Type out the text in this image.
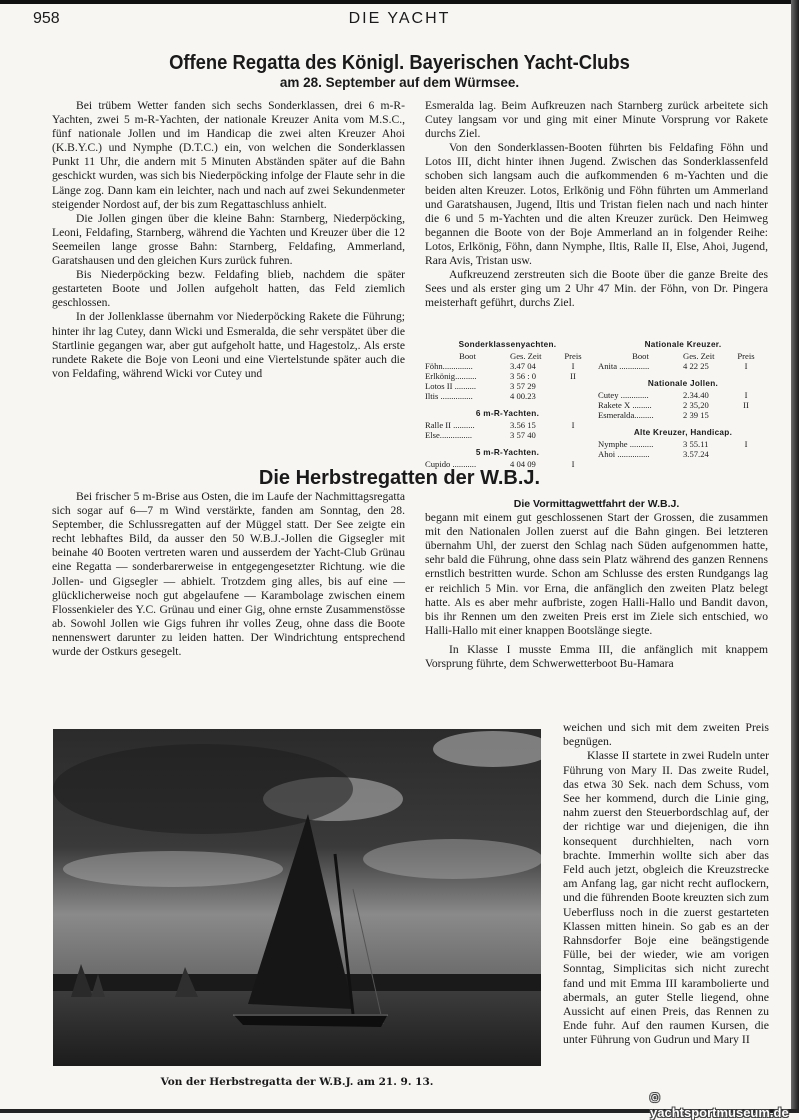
958	DIE YACHT
Offene Regatta des Königl. Bayerischen Yacht-Clubs
am 28. September auf dem Würmsee.

Bei trübem Wetter fanden sich sechs Sonderklassen, drei 6 m-R-Yachten, zwei 5 m-R-Yachten, der nationale Kreuzer Anita vom M.S.C., fünf nationale Jollen und im Handicap die zwei alten Kreuzer Ahoi (K.B.Y.C.) und Nymphe (D.T.C.) ein, von welchen die Sonderklassen Punkt 11 Uhr, die andern mit 5 Minuten Abständen später auf die Bahn geschickt wurden, was sich bis Niederpöcking infolge der Flaute sehr in die Länge zog. Dann kam ein leichter, nach und nach auf zwei Sekundenmeter steigender Nordost auf, der bis zum Regattaschluss anhielt.

Die Jollen gingen über die kleine Bahn: Starnberg, Niederpöcking, Leoni, Feldafing, Starnberg, während die Yachten und Kreuzer über die 12 Seemeilen lange grosse Bahn: Starnberg, Feldafing, Ammerland, Garatshausen und den gleichen Kurs zurück fuhren.

Bis Niederpöcking bezw. Feldafing blieb, nachdem die später gestarteten Boote und Jollen aufgeholt hatten, das Feld ziemlich geschlossen.

In der Jollenklasse übernahm vor Niederpöcking Rakete die Führung; hinter ihr lag Cutey, dann Wicki und Esmeralda, die sehr verspätet über die Startlinie gegangen war, aber gut aufgeholt hatte, und Hagestolz,. Als erste rundete Rakete die Boje von Leoni und eine Viertelstunde später auch die von Feldafing, während Wicki vor Cutey und

Esmeralda lag. Beim Aufkreuzen nach Starnberg zurück arbeitete sich Cutey langsam vor und ging mit einer Minute Vorsprung vor Rakete durchs Ziel.

Von den Sonderklassen-Booten führten bis Feldafing Föhn und Lotos III, dicht hinter ihnen Jugend. Zwischen das Sonderklassenfeld schoben sich langsam auch die aufkommenden 6 m-Yachten und die beiden alten Kreuzer. Lotos, Erlkönig und Föhn führten um Ammerland und Garatshausen, Jugend, Iltis und Tristan fielen nach und nach hinter die 6 und 5 m-Yachten und die alten Kreuzer zurück. Den Heimweg begannen die Boote von der Boje Ammerland an in folgender Reihe: Lotos, Erlkönig, Föhn, dann Nymphe, Iltis, Ralle II, Else, Ahoi, Jugend, Rara Avis, Tristan usw.

Aufkreuzend zerstreuten sich die Boote über die ganze Breite des Sees und als erster ging um 2 Uhr 47 Min. der Föhn, von Dr. Pingera meisterhaft geführt, durchs Ziel.

Sonderklassenyachten.
Boot	Ges. Zeit	Preis
Föhn..............	3.47 04	I
Erlkönig..........	3 56 : 0	II
Lotos II ..........	3 57 29
Iltis ...............	4 00.23
6 m-R-Yachten.
Ralle II ..........	3.56 15	I
Else...............	3 57 40
5 m-R-Yachten.
Cupido ...........	4 04 09	I
Nationale Kreuzer.
Boot	Ges. Zeit	Preis
Anita ..............	4 22 25	I
Nationale Jollen.
Cutey .............	2.34.40	I
Rakete X .........	2 35,20	II
Esmeralda.........	2 39 15
Alte Kreuzer, Handicap.
Nymphe ...........	3 55.11	I
Ahoi ...............	3.57.24
Die Herbstregatten der W.B.J.

Bei frischer 5 m-Brise aus Osten, die im Laufe der Nachmittagsregatta sich sogar auf 6—7 m Wind verstärkte, fanden am Sonntag, den 28. September, die Schlussregatten auf der Müggel statt. Der See zeigte ein recht lebhaftes Bild, da ausser den 50 W.B.J.-Jollen die Gigsegler mit beinahe 40 Booten vertreten waren und ausserdem der Yacht-Club Grünau eine Regatta — sonderbarerweise in entgegengesetzter Richtung. wie die Jollen- und Gigsegler — abhielt. Trotzdem ging alles, bis auf eine — glücklicherweise noch gut abgelaufene — Karambolage zwischen einem Flossenkieler des Y.C. Grünau und einer Gig, ohne ernste Zusammenstösse ab. Sowohl Jollen wie Gigs fuhren ihr volles Zeug, ohne dass die Boote nennenswert darunter zu leiden hatten. Der Windrichtung entsprechend wurde der Ostkurs gesegelt.

Die Vormittagwettfahrt der W.B.J.

begann mit einem gut geschlossenen Start der Grossen, die zusammen mit den Nationalen Jollen zuerst auf die Bahn gingen. Bei letzteren übernahm Uhl, der zuerst den Schlag nach Süden aufgenommen hatte, sehr bald die Führung, ohne dass sein Platz während des ganzen Rennens ernstlich bestritten wurde. Schon am Schlusse des ersten Rundgangs lag er reichlich 5 Min. vor Erna, die anfänglich den zweiten Platz belegt hatte. Als es aber mehr aufbriste, zogen Halli-Hallo und Bandit davon, bis ihr Rennen um den zweiten Preis erst im Ziele sich entschied, wo Halli-Hallo mit einer knappen Bootslänge siegte.

In Klasse I musste Emma III, die anfänglich mit knappem Vorsprung führte, dem Schwerwetterboot Bu-Hamara

weichen und sich mit dem zweiten Preis begnügen.

Klasse II startete in zwei Rudeln unter Führung von Mary II. Das zweite Rudel, das etwa 30 Sek. nach dem Schuss, vom See her kommend, durch die Linie ging, nahm zuerst den Steuerbordschlag auf, der der richtige war und diejenigen, die ihn konsequent durchhielten, nach vorn brachte. Immerhin wollte sich aber das Feld auch jetzt, obgleich die Kreuzstrecke am Anfang lag, gar nicht recht auflockern, und die führenden Boote kreuzten sich zum Ueberfluss noch in die zuerst gestarteten Klassen mitten hinein. So gab es an der Rahnsdorfer Boje eine beängstigende Fülle, bei der wieder, wie am vorigen Sonntag, Simplicitas sich nicht zurecht fand und mit Emma III karambolierte und abermals, an guter Stelle liegend, ohne Aussicht auf einen Preis, das Rennen zu Ende fuhr. Auf den raumen Kursen, die unter Führung von Gudrun und Mary II

Von der Herbstregatta der W.B.J. am 21. 9. 13.
© yachtsportmuseum.de
